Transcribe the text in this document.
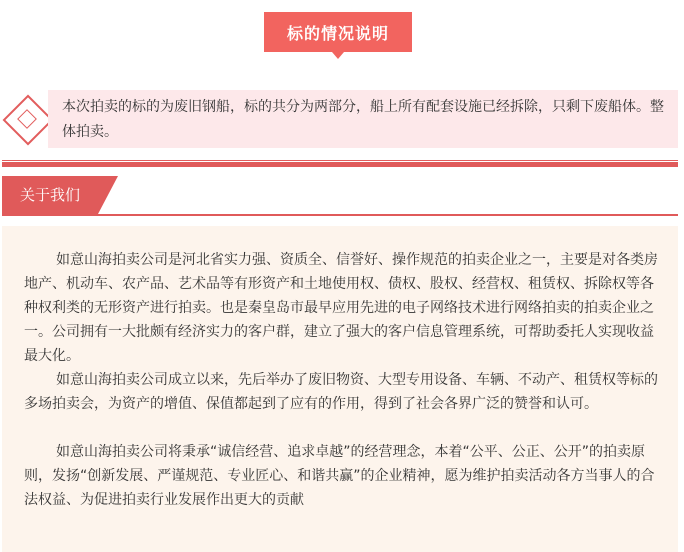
标的情况说明
本次拍卖的标的为废旧钢船，标的共分为两部分，船上所有配套设施已经拆除，只剩下废船体。整体拍卖。
关于我们

如意山海拍卖公司是河北省实力强、资质全、信誉好、操作规范的拍卖企业之一，主要是对各类房地产、机动车、农产品、艺术品等有形资产和土地使用权、债权、股权、经营权、租赁权、拆除权等各种权利类的无形资产进行拍卖。也是秦皇岛市最早应用先进的电子网络技术进行网络拍卖的拍卖企业之一。公司拥有一大批颇有经济实力的客户群，建立了强大的客户信息管理系统，可帮助委托人实现收益最大化。

如意山海拍卖公司成立以来，先后举办了废旧物资、大型专用设备、车辆、不动产、租赁权等标的多场拍卖会，为资产的增值、保值都起到了应有的作用，得到了社会各界广泛的赞誉和认可。

如意山海拍卖公司将秉承“诚信经营、追求卓越”的经营理念，本着“公平、公正、公开”的拍卖原则，发扬“创新发展、严谨规范、专业匠心、和谐共赢”的企业精神，愿为维护拍卖活动各方当事人的合法权益、为促进拍卖行业发展作出更大的贡献
